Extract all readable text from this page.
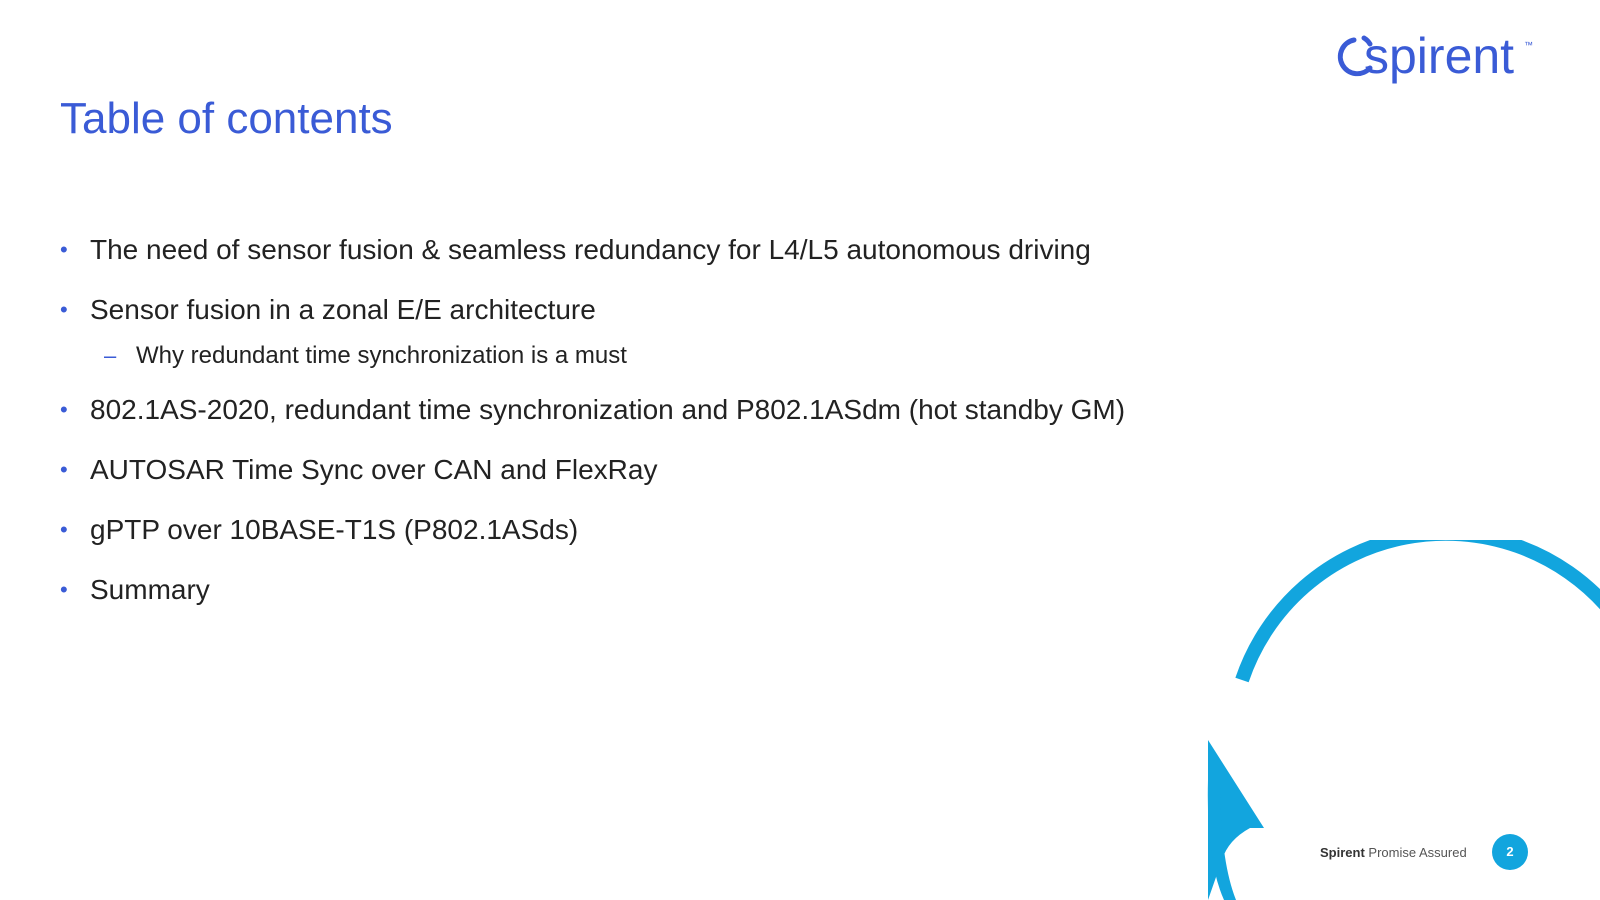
Table of contents
spirent ™
• The need of sensor fusion & seamless redundancy for L4/L5 autonomous driving
• Sensor fusion in a zonal E/E architecture
– Why redundant time synchronization is a must
• 802.1AS-2020, redundant time synchronization and P802.1ASdm (hot standby GM)
• AUTOSAR Time Sync over CAN and FlexRay
• gPTP over 10BASE-T1S (P802.1ASds)
• Summary
Spirent Promise Assured	2
